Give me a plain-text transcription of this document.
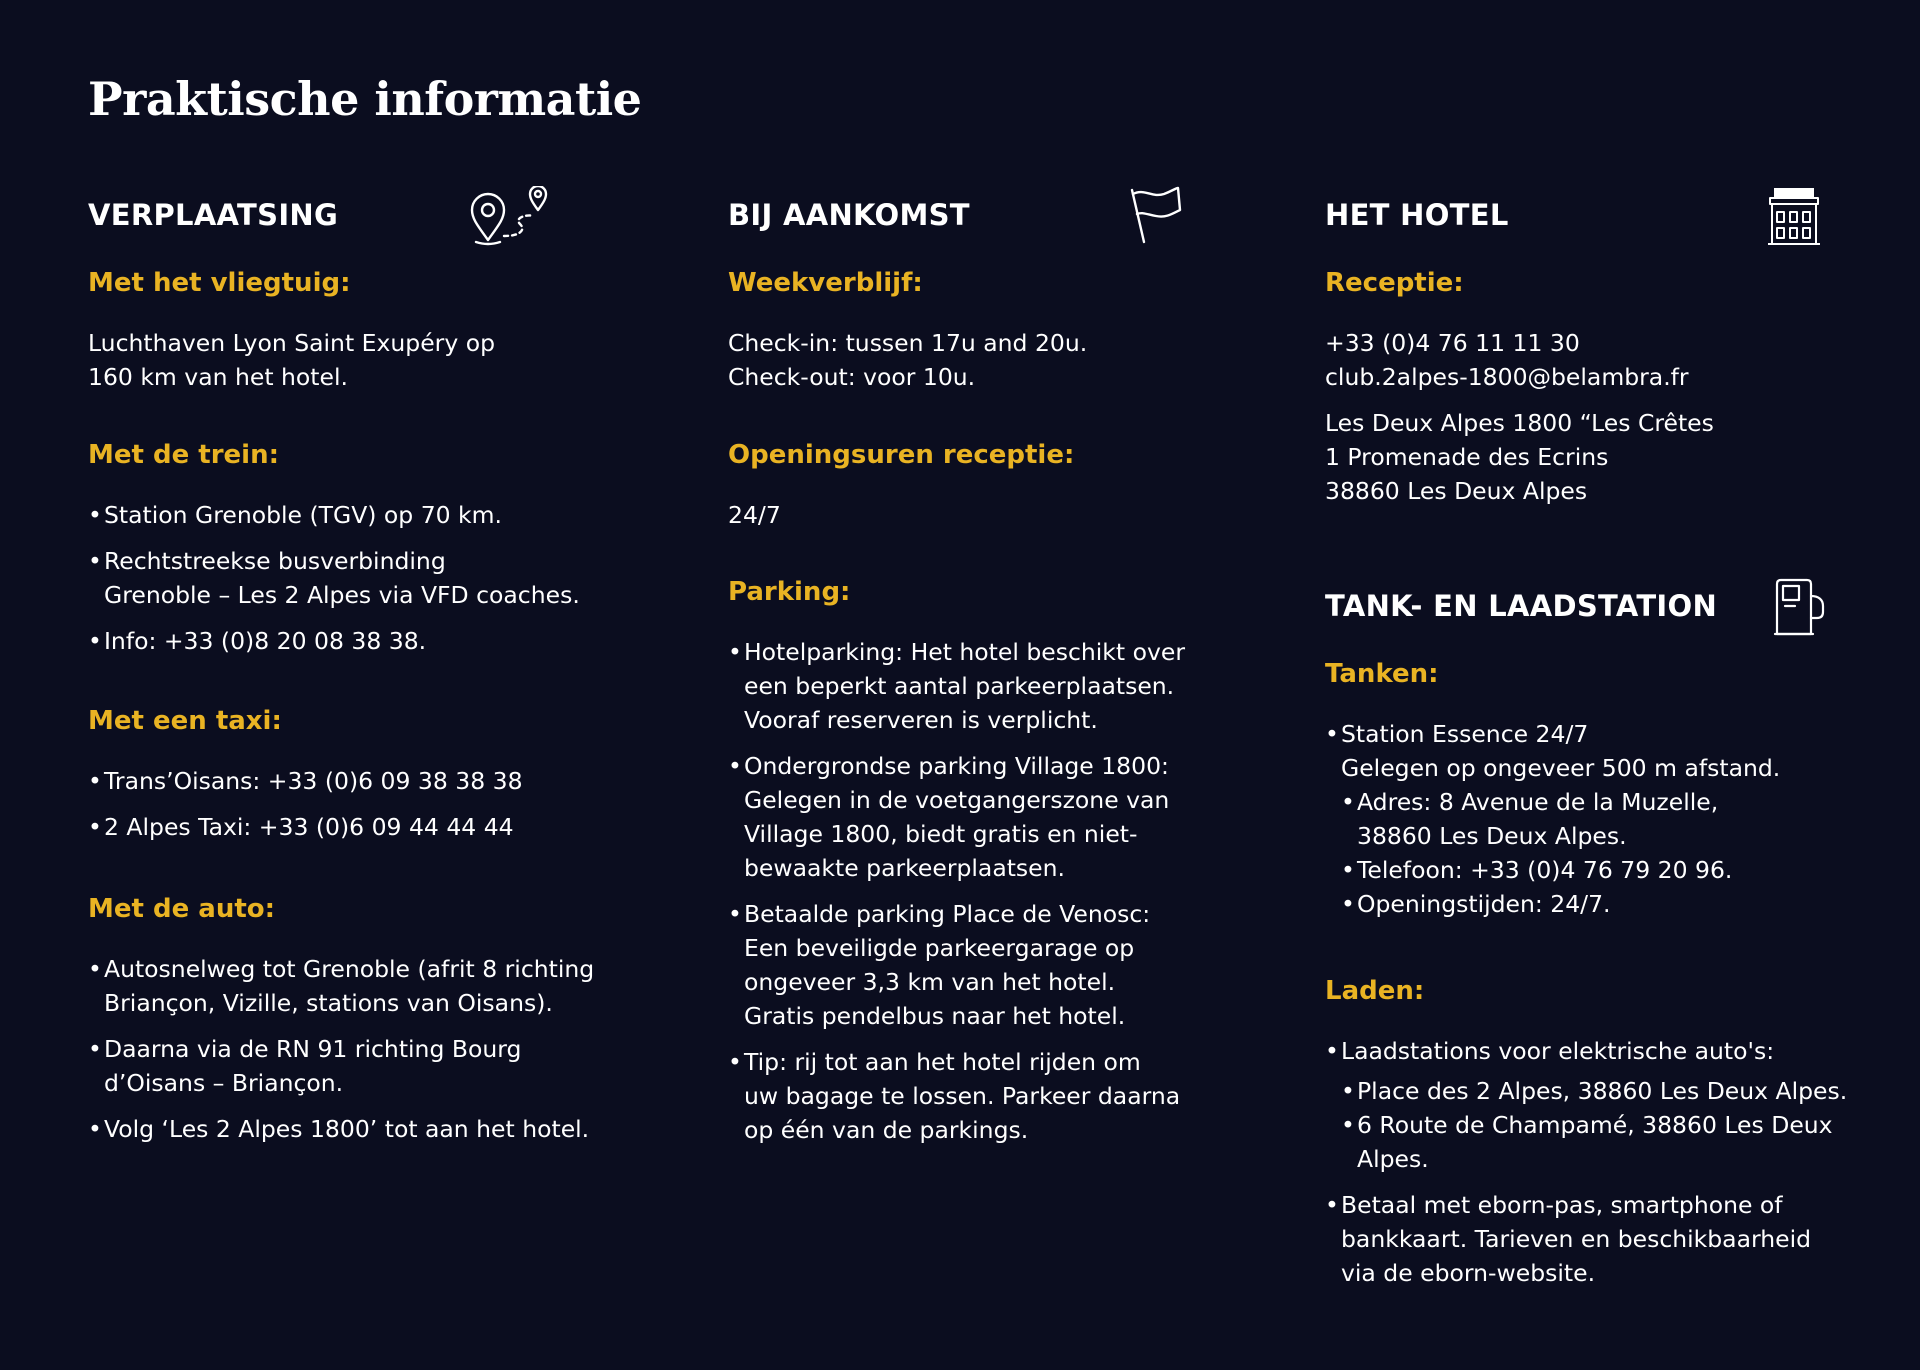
Praktische informatie
VERPLAATSING
Met het vliegtuig:
Luchthaven Lyon Saint Exupéry op
160 km van het hotel.
Met de trein:
• Station Grenoble (TGV) op 70 km.
• Rechtstreekse busverbinding
Grenoble – Les 2 Alpes via VFD coaches.
• Info: +33 (0)8 20 08 38 38.
Met een taxi:
• Trans’Oisans: +33 (0)6 09 38 38 38
• 2 Alpes Taxi: +33 (0)6 09 44 44 44
Met de auto:
• Autosnelweg tot Grenoble (afrit 8 richting
Briançon, Vizille, stations van Oisans).
• Daarna via de RN 91 richting Bourg
d’Oisans – Briançon.
• Volg ‘Les 2 Alpes 1800’ tot aan het hotel.
BIJ AANKOMST
Weekverblijf:
Check-in: tussen 17u and 20u.
Check-out: voor 10u.
Openingsuren receptie:
24/7
Parking:
• Hotelparking: Het hotel beschikt over
een beperkt aantal parkeerplaatsen.
Vooraf reserveren is verplicht.
• Ondergrondse parking Village 1800:
Gelegen in de voetgangerszone van
Village 1800, biedt gratis en niet-
bewaakte parkeerplaatsen.
• Betaalde parking Place de Venosc:
Een beveiligde parkeergarage op
ongeveer 3,3 km van het hotel.
Gratis pendelbus naar het hotel.
• Tip: rij tot aan het hotel rijden om
uw bagage te lossen. Parkeer daarna
op één van de parkings.
HET HOTEL
HOTEL
Receptie:
+33 (0)4 76 11 11 30
club.2alpes-1800@belambra.fr
Les Deux Alpes 1800 “Les Crêtes
1 Promenade des Ecrins
38860 Les Deux Alpes
TANK- EN LAADSTATION
Tanken:
• Station Essence 24/7
Gelegen op ongeveer 500 m afstand.
• Adres: 8 Avenue de la Muzelle,
38860 Les Deux Alpes.
• Telefoon: +33 (0)4 76 79 20 96.
• Openingstijden: 24/7.
Laden:
• Laadstations voor elektrische auto's:
• Place des 2 Alpes, 38860 Les Deux Alpes.
• 6 Route de Champamé, 38860 Les Deux
Alpes.
• Betaal met eborn-pas, smartphone of
bankkaart. Tarieven en beschikbaarheid
via de eborn-website.
